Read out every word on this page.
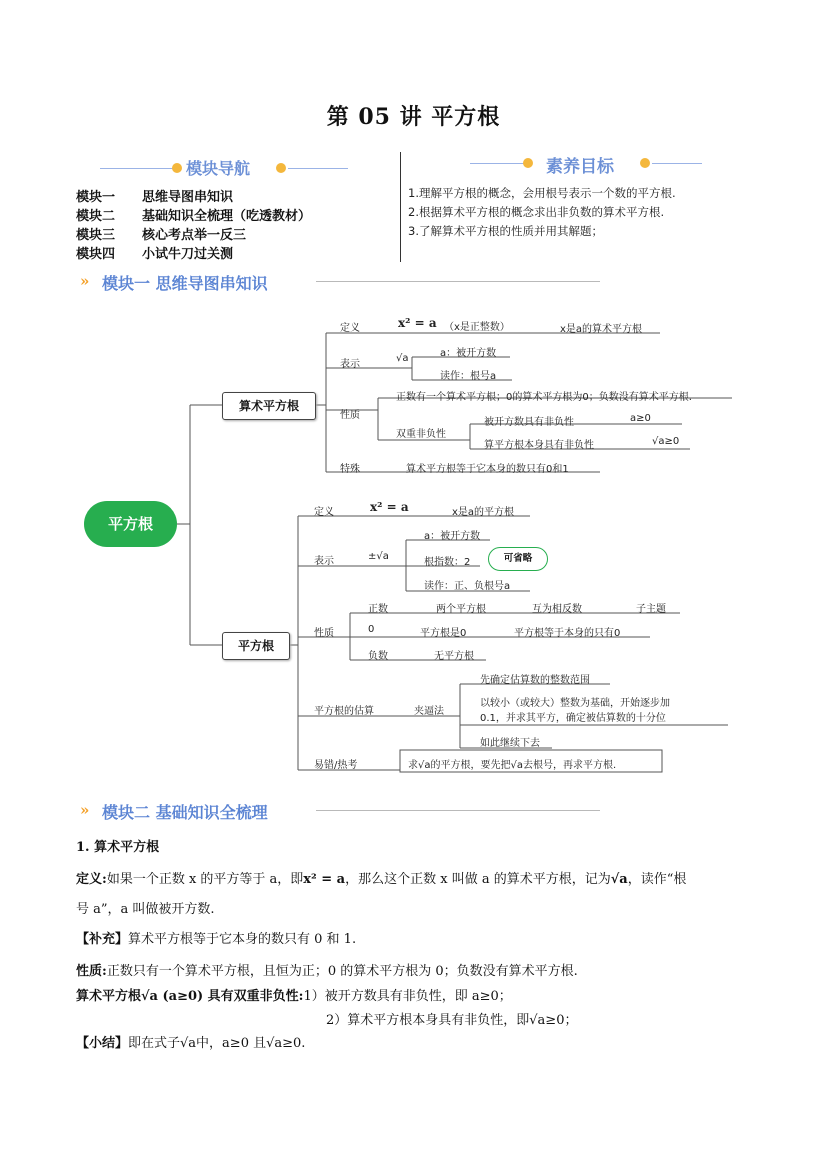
第 05 讲 平方根
模块导航
模块一 思维导图串知识
模块二 基础知识全梳理（吃透教材）
模块三 核心考点举一反三
模块四 小试牛刀过关测
素养目标
1.理解平方根的概念，会用根号表示一个数的平方根.
2.根据算术平方根的概念求出非负数的算术平方根.
3.了解算术平方根的性质并用其解题；
» 模块一 思维导图串知识
平方根
算术平方根
定义	x² = a （x是正整数）	x是a的算术平方根
表示
√a	a：被开方数
读作：根号a
性质
正数有一个算术平方根；0的算术平方根为0；负数没有算术平方根.
双重非负性
被开方数具有非负性	a≥0
算平方根本身具有非负性	√a≥0
特殊	算术平方根等于它本身的数只有0和1
平方根
定义	x² = a	x是a的平方根
表示	±√a
a：被开方数
根指数：2	可省略
读作：正、负根号a
性质
正数	两个平方根	互为相反数	子主题
0	平方根是0	平方根等于本身的只有0
负数	无平方根
平方根的估算	夹逼法
先确定估算数的整数范围
以较小（或较大）整数为基础，开始逐步加
0.1，并求其平方，确定被估算数的十分位
如此继续下去
易错/热考	求√a的平方根，要先把√a去根号，再求平方根.
» 模块二 基础知识全梳理
1. 算术平方根
定义:如果一个正数 x 的平方等于 a，即x² = a，那么这个正数 x 叫做 a 的算术平方根，记为√a，读作“根
号 a”，a 叫做被开方数.
【补充】算术平方根等于它本身的数只有 0 和 1.
性质:正数只有一个算术平方根，且恒为正；0 的算术平方根为 0；负数没有算术平方根.
算术平方根√a (a≥0) 具有双重非负性:1）被开方数具有非负性，即 a≥0；
2）算术平方根本身具有非负性，即√a≥0；
【小结】即在式子√a中，a≥0 且√a≥0.
